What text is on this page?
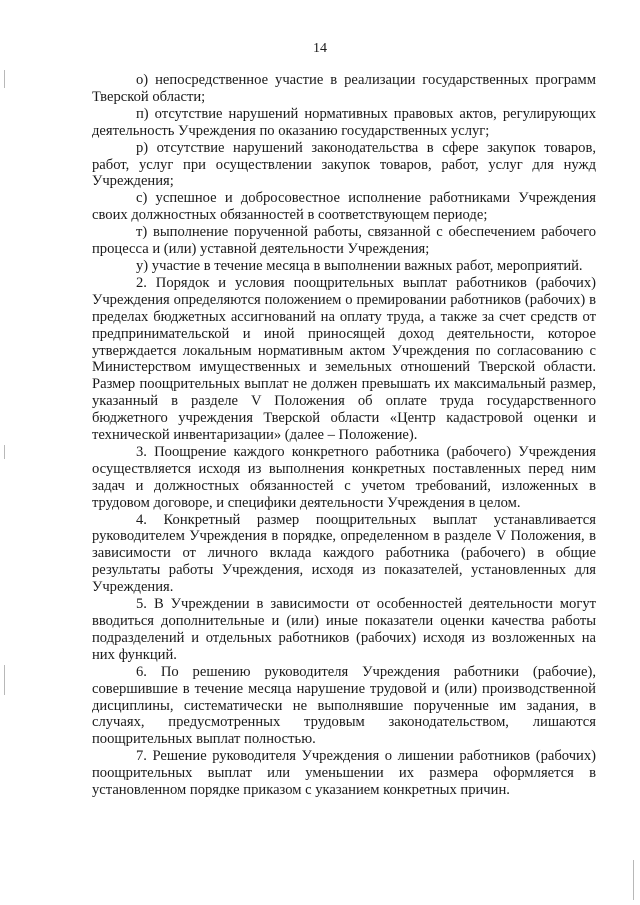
14

о) непосредственное участие в реализации государственных программ Тверской области;

п) отсутствие нарушений нормативных правовых актов, регулирующих деятельность Учреждения по оказанию государственных услуг;

р) отсутствие нарушений законодательства в сфере закупок товаров, работ, услуг при осуществлении закупок товаров, работ, услуг для нужд Учреждения;

с) успешное и добросовестное исполнение работниками Учреждения своих должностных обязанностей в соответствующем периоде;

т) выполнение порученной работы, связанной с обеспечением рабочего процесса и (или) уставной деятельности Учреждения;

у) участие в течение месяца в выполнении важных работ, мероприятий.

2. Порядок и условия поощрительных выплат работников (рабочих) Учреждения определяются положением о премировании работников (рабочих) в пределах бюджетных ассигнований на оплату труда, а также за счет средств от предпринимательской и иной приносящей доход деятельности, которое утверждается локальным нормативным актом Учреждения по согласованию с Министерством имущественных и земельных отношений Тверской области. Размер поощрительных выплат не должен превышать их максимальный размер, указанный в разделе V Положения об оплате труда государственного бюджетного учреждения Тверской области «Центр кадастровой оценки и технической инвентаризации» (далее – Положение).

3. Поощрение каждого конкретного работника (рабочего) Учреждения осуществляется исходя из выполнения конкретных поставленных перед ним задач и должностных обязанностей с учетом требований, изложенных в трудовом договоре, и специфики деятельности Учреждения в целом.

4. Конкретный размер поощрительных выплат устанавливается руководителем Учреждения в порядке, определенном в разделе V Положения, в зависимости от личного вклада каждого работника (рабочего) в общие результаты работы Учреждения, исходя из показателей, установленных для Учреждения.

5. В Учреждении в зависимости от особенностей деятельности могут вводиться дополнительные и (или) иные показатели оценки качества работы подразделений и отдельных работников (рабочих) исходя из возложенных на них функций.

6. По решению руководителя Учреждения работники (рабочие), совершившие в течение месяца нарушение трудовой и (или) производственной дисциплины, систематически не выполнявшие порученные им задания, в случаях, предусмотренных трудовым законодательством, лишаются поощрительных выплат полностью.

7. Решение руководителя Учреждения о лишении работников (рабочих) поощрительных выплат или уменьшении их размера оформляется в установленном порядке приказом с указанием конкретных причин.
